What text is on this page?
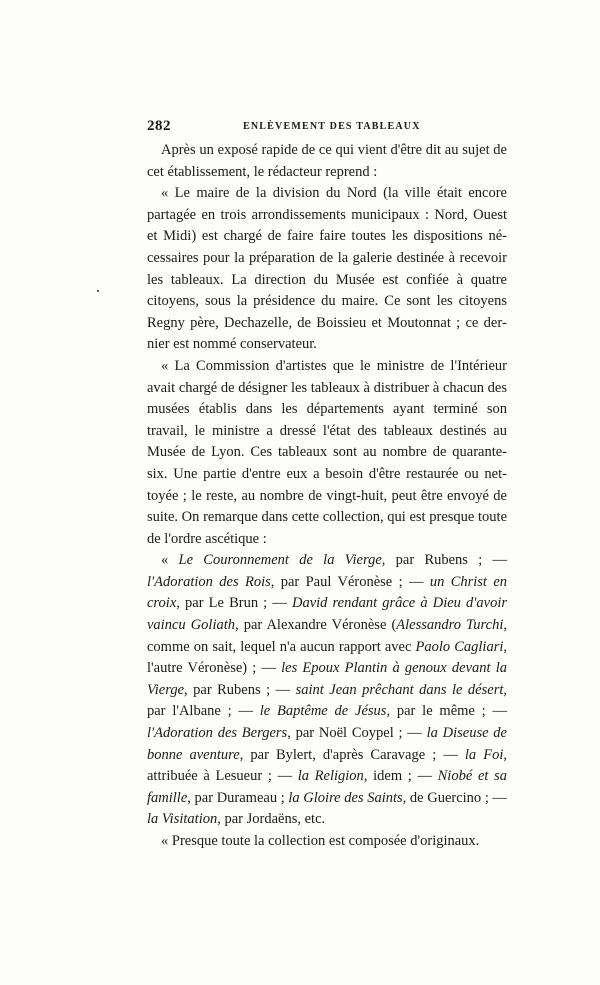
282	ENLÈVEMENT DES TABLEAUX

Après un exposé rapide de ce qui vient d'être dit au sujet de cet établissement, le rédacteur reprend :

« Le maire de la division du Nord (la ville était encore partagée en trois arrondissements municipaux : Nord, Ouest et Midi) est chargé de faire faire toutes les dispositions nécessaires pour la préparation de la galerie destinée à recevoir les tableaux. La direction du Musée est confiée à quatre citoyens, sous la présidence du maire. Ce sont les citoyens Regny père, Dechazelle, de Boissieu et Moutonnat ; ce dernier est nommé conservateur.

« La Commission d'artistes que le ministre de l'Intérieur avait chargé de désigner les tableaux à distribuer à chacun des musées établis dans les départements ayant terminé son travail, le ministre a dressé l'état des tableaux destinés au Musée de Lyon. Ces tableaux sont au nombre de quarante-six. Une partie d'entre eux a besoin d'être restaurée ou nettoyée ; le reste, au nombre de vingt-huit, peut être envoyé de suite. On remarque dans cette collection, qui est presque toute de l'ordre ascétique :

« Le Couronnement de la Vierge, par Rubens ; — l'Adoration des Rois, par Paul Véronèse ; — un Christ en croix, par Le Brun ; — David rendant grâce à Dieu d'avoir vaincu Goliath, par Alexandre Véronèse (Alessandro Turchi, comme on sait, lequel n'a aucun rapport avec Paolo Cagliari, l'autre Véronèse) ; — les Epoux Plantin à genoux devant la Vierge, par Rubens ; — saint Jean prêchant dans le désert, par l'Albane ; — le Baptême de Jésus, par le même ; — l'Adoration des Bergers, par Noël Coypel ; — la Diseuse de bonne aventure, par Bylert, d'après Caravage ; — la Foi, attribuée à Lesueur ; — la Religion, idem ; — Niobé et sa famille, par Durameau ; la Gloire des Saints, de Guercino ; — la Visitation, par Jordaëns, etc.

« Presque toute la collection est composée d'originaux.
